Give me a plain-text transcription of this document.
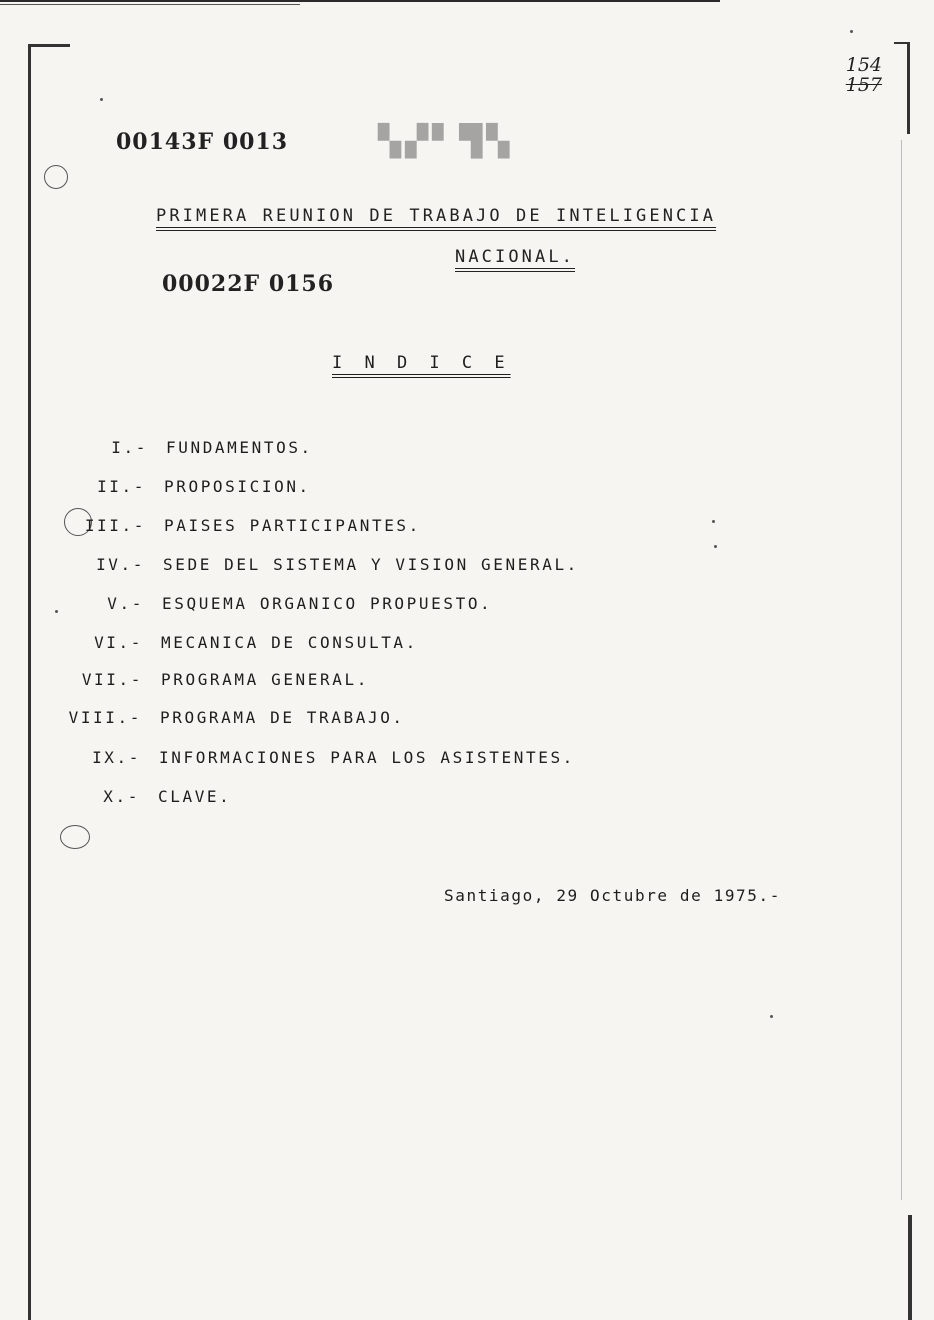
00143F 0013	▚▞▘▜▚
154
157
PRIMERA REUNION DE TRABAJO DE INTELIGENCIA
NACIONAL.
00022F 0156
I N D I C E
I.- FUNDAMENTOS.
II.- PROPOSICION.
III.- PAISES PARTICIPANTES.
IV.- SEDE DEL SISTEMA Y VISION GENERAL.
V.- ESQUEMA ORGANICO PROPUESTO.
VI.- MECANICA DE CONSULTA.
VII.- PROGRAMA GENERAL.
VIII.- PROGRAMA DE TRABAJO.
IX.- INFORMACIONES PARA LOS ASISTENTES.
X.- CLAVE.
Santiago, 29 Octubre de 1975.-
